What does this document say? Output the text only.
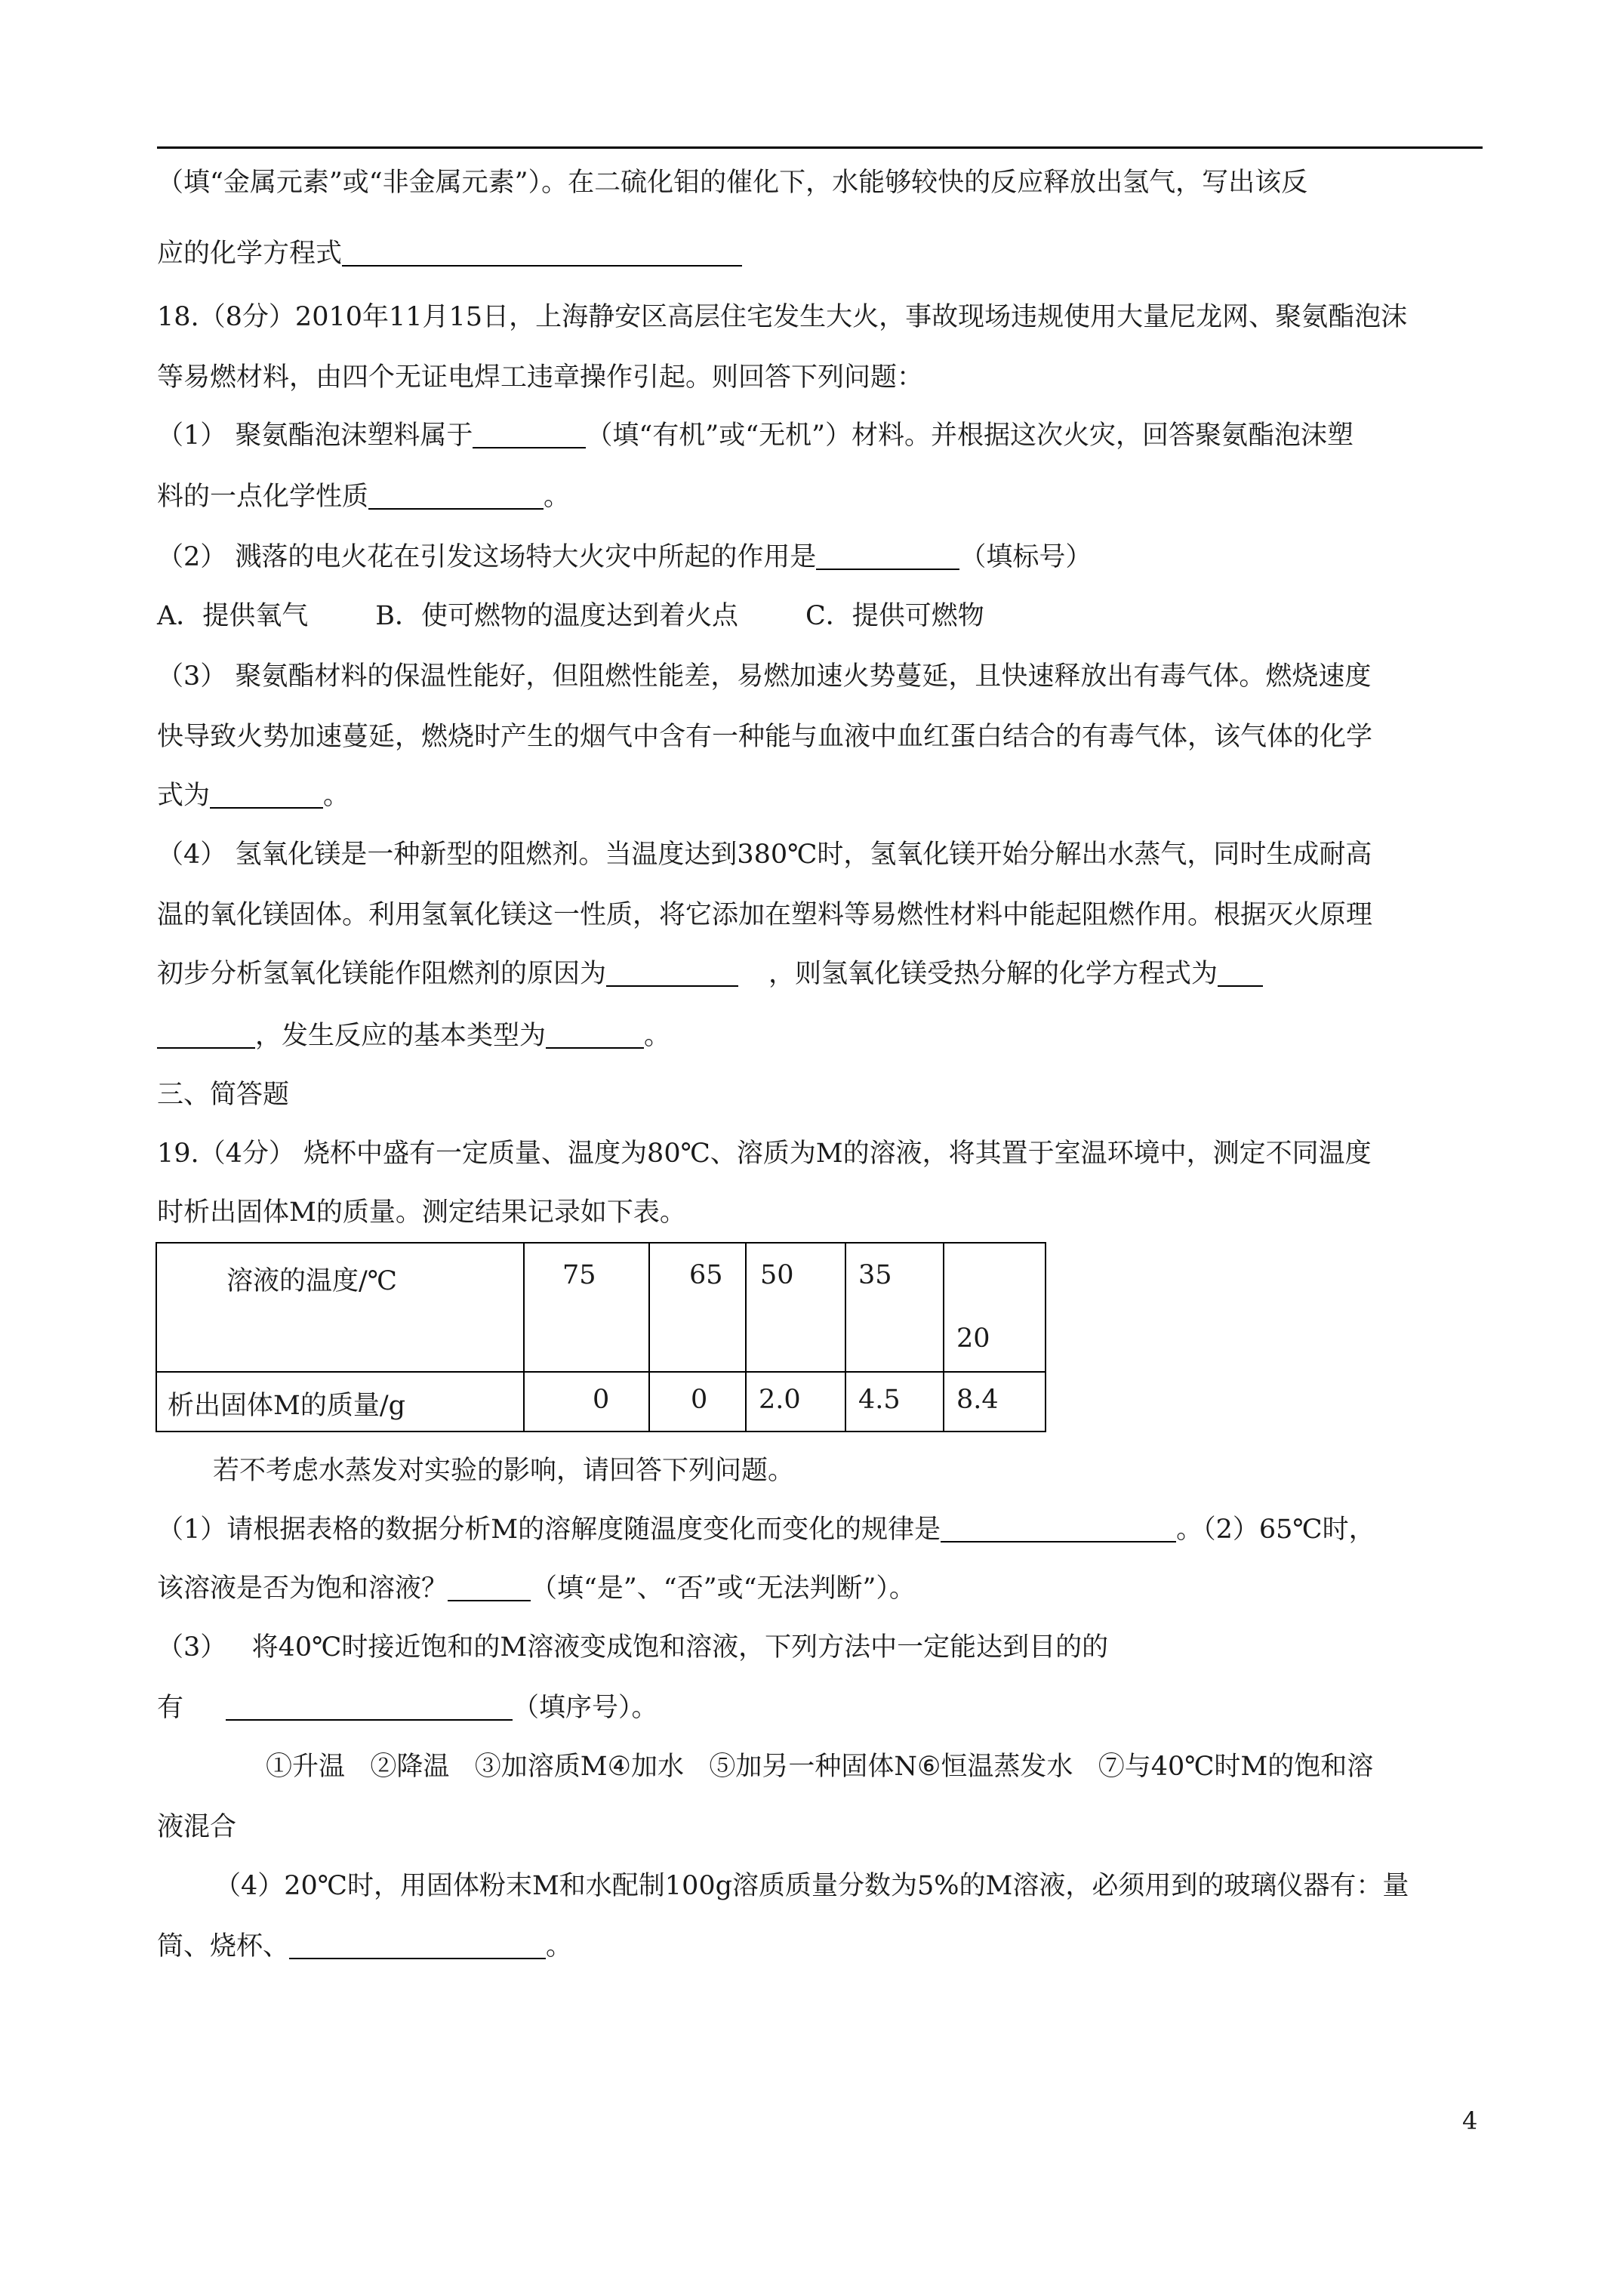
（填“金属元素”或“非金属元素”）。在二硫化钼的催化下，水能够较快的反应释放出氢气，写出该反
应的化学方程式
18.（8分）2010年11月15日，上海静安区高层住宅发生大火，事故现场违规使用大量尼龙网、聚氨酯泡沫
等易燃材料，由四个无证电焊工违章操作引起。则回答下列问题：
（1） 聚氨酯泡沫塑料属于	（填“有机”或“无机”）材料。并根据这次火灾，回答聚氨酯泡沫塑
料的一点化学性质	。
（2） 溅落的电火花在引发这场特大火灾中所起的作用是	（填标号）
A．提供氧气        B．使可燃物的温度达到着火点        C．提供可燃物
（3） 聚氨酯材料的保温性能好，但阻燃性能差，易燃加速火势蔓延，且快速释放出有毒气体。燃烧速度
快导致火势加速蔓延，燃烧时产生的烟气中含有一种能与血液中血红蛋白结合的有毒气体，该气体的化学
式为	。
（4） 氢氧化镁是一种新型的阻燃剂。当温度达到380℃时，氢氧化镁开始分解出水蒸气，同时生成耐高
温的氧化镁固体。利用氢氧化镁这一性质，将它添加在塑料等易燃性材料中能起阻燃作用。根据灭火原理
初步分析氢氧化镁能作阻燃剂的原因为	，则氢氧化镁受热分解的化学方程式为
，发生反应的基本类型为	。
三、简答题
19.（4分） 烧杯中盛有一定质量、温度为80℃、溶质为M的溶液，将其置于室温环境中，测定不同温度
时析出固体M的质量。测定结果记录如下表。
溶液的温度/℃	75	65	50	35	20

析出固体M的质量/g	0	0	2.0	4.5	8.4
若不考虑水蒸发对实验的影响，请回答下列问题。
（1）请根据表格的数据分析M的溶解度随温度变化而变化的规律是	。（2）65℃时，
该溶液是否为饱和溶液？	（填“是”、“否”或“无法判断”）。
（3）   将40℃时接近饱和的M溶液变成饱和溶液，下列方法中一定能达到目的的
有	（填序号）。
①升温   ②降温   ③加溶质M④加水   ⑤加另一种固体N⑥恒温蒸发水   ⑦与40℃时M的饱和溶
液混合
（4）20℃时，用固体粉末M和水配制100g溶质质量分数为5%的M溶液，必须用到的玻璃仪器有：量
筒、烧杯、	。
4
